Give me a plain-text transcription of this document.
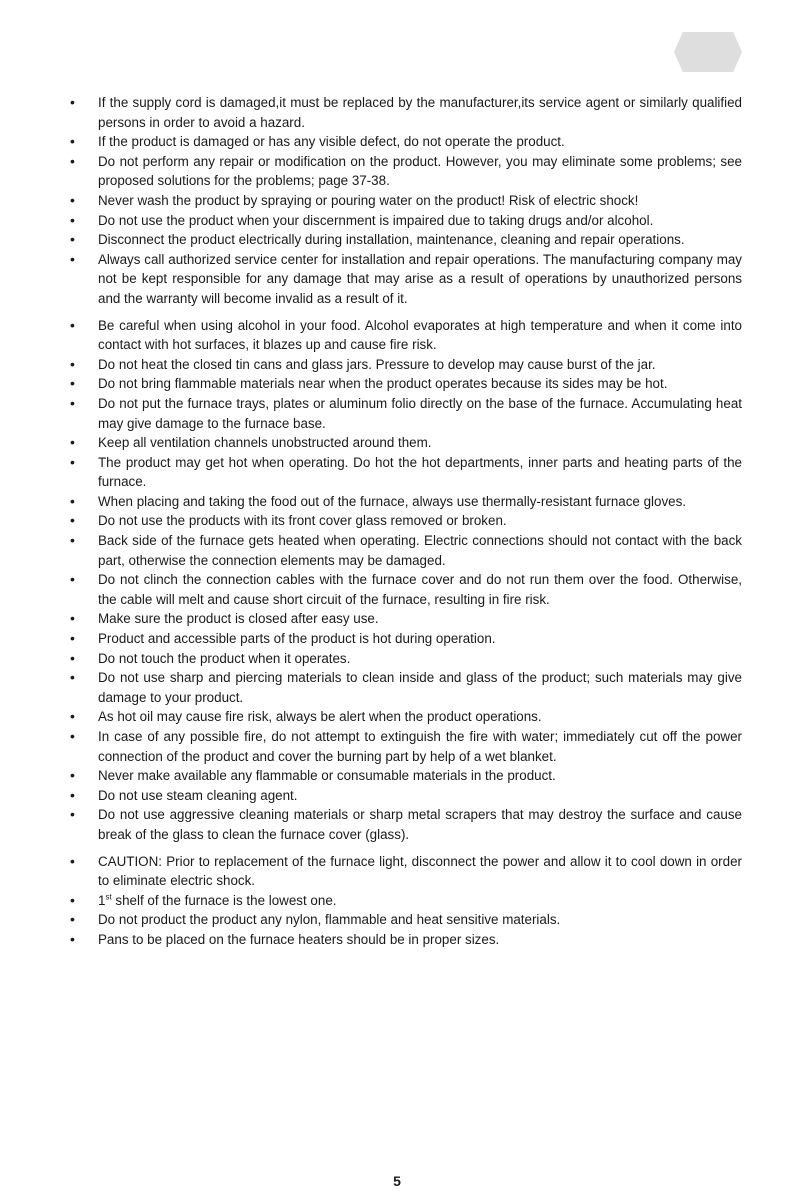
•	If the supply cord is damaged,it must be replaced by the manufacturer,its service agent or similarly qualified persons in order to avoid a hazard.
•	If the product is damaged or has any visible defect, do not operate the product.
•	Do not perform any repair or modification on the product. However, you may eliminate some problems; see proposed solutions for the problems; page 37-38.
•	Never wash the product by spraying or pouring water on the product! Risk of electric shock!
•	Do not use the product when your discernment is impaired due to taking drugs and/or alcohol.
•	Disconnect the product electrically during installation, maintenance, cleaning and repair operations.
•	Always call authorized service center for installation and repair operations. The manufacturing company may not be kept responsible for any damage that may arise as a result of operations by unauthorized persons and the warranty will become invalid as a result of it.
•	Be careful when using alcohol in your food. Alcohol evaporates at high temperature and when it come into contact with hot surfaces, it blazes up and cause fire risk.
•	Do not heat the closed tin cans and glass jars. Pressure to develop may cause burst of the jar.
•	Do not bring flammable materials near when the product operates because its sides may be hot.
•	Do not put the furnace trays, plates or aluminum folio directly on the base of the furnace. Accumulating heat may give damage to the furnace base.
•	Keep all ventilation channels unobstructed around them.
•	The product may get hot when operating. Do hot the hot departments, inner parts and heating parts of the furnace.
•	When placing and taking the food out of the furnace, always use thermally-resistant furnace gloves.
•	Do not use the products with its front cover glass removed or broken.
•	Back side of the furnace gets heated when operating. Electric connections should not contact with the back part, otherwise the connection elements may be damaged.
•	Do not clinch the connection cables with the furnace cover and do not run them over the food. Otherwise, the cable will melt and cause short circuit of the furnace, resulting in fire risk.
•	Make sure the product is closed after easy use.
•	Product and accessible parts of the product is hot during operation.
•	Do not touch the product when it operates.
•	Do not use sharp and piercing materials to clean inside and glass of the product; such materials may give damage to your product.
•	As hot oil may cause fire risk, always be alert when the product operations.
•	In case of any possible fire, do not attempt to extinguish the fire with water; immediately cut off the power connection of the product and cover the burning part by help of a wet blanket.
•	Never make available any flammable or consumable materials in the product.
•	Do not use steam cleaning agent.
•	Do not use aggressive cleaning materials or sharp metal scrapers that may destroy the surface and cause break of the glass to clean the furnace cover (glass).
•	CAUTION: Prior to replacement of the furnace light, disconnect the power and allow it to cool down in order to eliminate electric shock.
•	1st shelf of the furnace is the lowest one.
•	Do not product the product any nylon, flammable and heat sensitive materials.
•	Pans to be placed on the furnace heaters should be in proper sizes.
5
